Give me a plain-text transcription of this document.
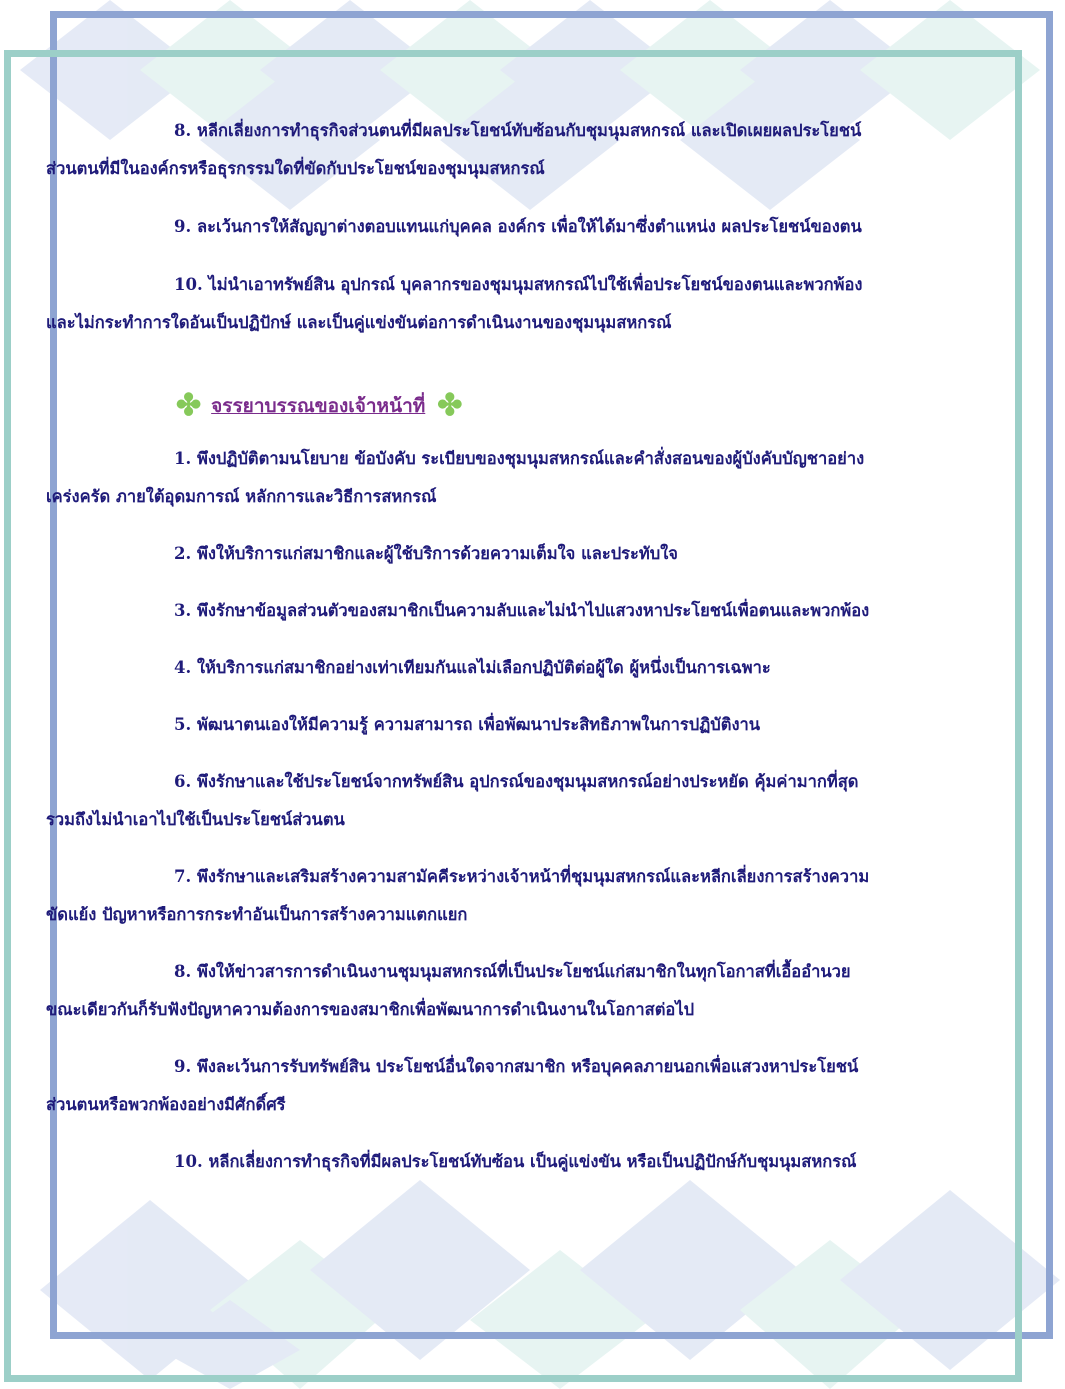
8. หลีกเลี่ยงการทำธุรกิจส่วนตนที่มีผลประโยชน์ทับซ้อนกับชุมนุมสหกรณ์ และเปิดเผยผลประโยชน์
ส่วนตนที่มีในองค์กรหรือธุรกรรมใดที่ขัดกับประโยชน์ของชุมนุมสหกรณ์

9. ละเว้นการให้สัญญาต่างตอบแทนแก่บุคคล องค์กร เพื่อให้ได้มาซึ่งตำแหน่ง ผลประโยชน์ของตน

10. ไม่นำเอาทรัพย์สิน อุปกรณ์ บุคลากรของชุมนุมสหกรณ์ไปใช้เพื่อประโยชน์ของตนและพวกพ้อง
และไม่กระทำการใดอันเป็นปฏิปักษ์ และเป็นคู่แข่งขันต่อการดำเนินงานของชุมนุมสหกรณ์

✤ จรรยาบรรณของเจ้าหน้าที่ ✤

1. พึงปฏิบัติตามนโยบาย ข้อบังคับ ระเบียบของชุมนุมสหกรณ์และคำสั่งสอนของผู้บังคับบัญชาอย่าง
เคร่งครัด ภายใต้อุดมการณ์ หลักการและวิธีการสหกรณ์

2. พึงให้บริการแก่สมาชิกและผู้ใช้บริการด้วยความเต็มใจ และประทับใจ

3. พึงรักษาข้อมูลส่วนตัวของสมาชิกเป็นความลับและไม่นำไปแสวงหาประโยชน์เพื่อตนและพวกพ้อง

4. ให้บริการแก่สมาชิกอย่างเท่าเทียมกันแลไม่เลือกปฏิบัติต่อผู้ใด ผู้หนึ่งเป็นการเฉพาะ

5. พัฒนาตนเองให้มีความรู้ ความสามารถ เพื่อพัฒนาประสิทธิภาพในการปฏิบัติงาน

6. พึงรักษาและใช้ประโยชน์จากทรัพย์สิน อุปกรณ์ของชุมนุมสหกรณ์อย่างประหยัด คุ้มค่ามากที่สุด
รวมถึงไม่นำเอาไปใช้เป็นประโยชน์ส่วนตน

7. พึงรักษาและเสริมสร้างความสามัคคีระหว่างเจ้าหน้าที่ชุมนุมสหกรณ์และหลีกเลี่ยงการสร้างความ
ขัดแย้ง ปัญหาหรือการกระทำอันเป็นการสร้างความแตกแยก

8. พึงให้ข่าวสารการดำเนินงานชุมนุมสหกรณ์ที่เป็นประโยชน์แก่สมาชิกในทุกโอกาสที่เอื้ออำนวย
ขณะเดียวกันก็รับฟังปัญหาความต้องการของสมาชิกเพื่อพัฒนาการดำเนินงานในโอกาสต่อไป

9. พึงละเว้นการรับทรัพย์สิน ประโยชน์อื่นใดจากสมาชิก หรือบุคคลภายนอกเพื่อแสวงหาประโยชน์
ส่วนตนหรือพวกพ้องอย่างมีศักดิ์ศรี

10. หลีกเลี่ยงการทำธุรกิจที่มีผลประโยชน์ทับซ้อน เป็นคู่แข่งขัน หรือเป็นปฏิปักษ์กับชุมนุมสหกรณ์
